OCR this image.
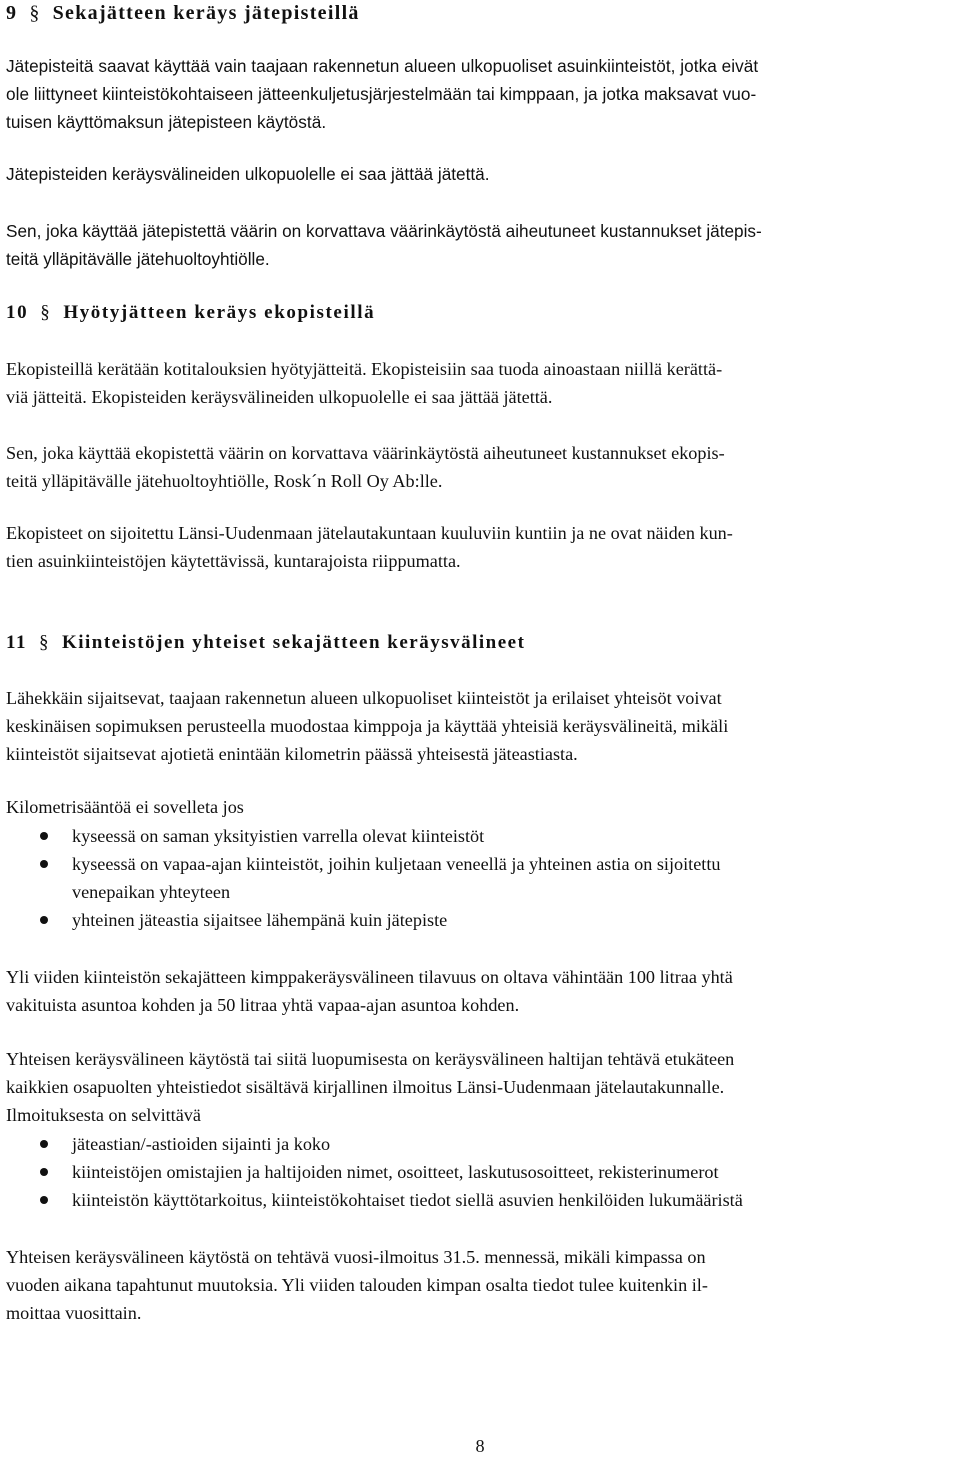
9 § Sekajätteen keräys jätepisteillä

Jätepisteitä saavat käyttää vain taajaan rakennetun alueen ulkopuoliset asuinkiinteistöt, jotka eivät
ole liittyneet kiinteistökohtaiseen jätteenkuljetusjärjestelmään tai kimppaan, ja jotka maksavat vuo-
tuisen käyttömaksun jätepisteen käytöstä.

Jätepisteiden keräysvälineiden ulkopuolelle ei saa jättää jätettä.

Sen, joka käyttää jätepistettä väärin on korvattava väärinkäytöstä aiheutuneet kustannukset jätepis-
teitä ylläpitävälle jätehuoltoyhtiölle.

10 § Hyötyjätteen keräys ekopisteillä

Ekopisteillä kerätään kotitalouksien hyötyjätteitä. Ekopisteisiin saa tuoda ainoastaan niillä kerättä-
viä jätteitä. Ekopisteiden keräysvälineiden ulkopuolelle ei saa jättää jätettä.

Sen, joka käyttää ekopistettä väärin on korvattava väärinkäytöstä aiheutuneet kustannukset ekopis-
teitä ylläpitävälle jätehuoltoyhtiölle, Rosk´n Roll Oy Ab:lle.

Ekopisteet on sijoitettu Länsi-Uudenmaan jätelautakuntaan kuuluviin kuntiin ja ne ovat näiden kun-
tien asuinkiinteistöjen käytettävissä, kuntarajoista riippumatta.

11 § Kiinteistöjen yhteiset sekajätteen keräysvälineet

Lähekkäin sijaitsevat, taajaan rakennetun alueen ulkopuoliset kiinteistöt ja erilaiset yhteisöt voivat
keskinäisen sopimuksen perusteella muodostaa kimppoja ja käyttää yhteisiä keräysvälineitä, mikäli
kiinteistöt sijaitsevat ajotietä enintään kilometrin päässä yhteisestä jäteastiasta.

Kilometrisääntöä ei sovelleta jos

kyseessä on saman yksityistien varrella olevat kiinteistöt
kyseessä on vapaa-ajan kiinteistöt, joihin kuljetaan veneellä ja yhteinen astia on sijoitettu
venepaikan yhteyteen
yhteinen jäteastia sijaitsee lähempänä kuin jätepiste

Yli viiden kiinteistön sekajätteen kimppakeräysvälineen tilavuus on oltava vähintään 100 litraa yhtä
vakituista asuntoa kohden ja 50 litraa yhtä vapaa-ajan asuntoa kohden.

Yhteisen keräysvälineen käytöstä tai siitä luopumisesta on keräysvälineen haltijan tehtävä etukäteen
kaikkien osapuolten yhteistiedot sisältävä kirjallinen ilmoitus Länsi-Uudenmaan jätelautakunnalle.
Ilmoituksesta on selvittävä

jäteastian/-astioiden sijainti ja koko
kiinteistöjen omistajien ja haltijoiden nimet, osoitteet, laskutusosoitteet, rekisterinumerot
kiinteistön käyttötarkoitus, kiinteistökohtaiset tiedot siellä asuvien henkilöiden lukumääristä

Yhteisen keräysvälineen käytöstä on tehtävä vuosi-ilmoitus 31.5. mennessä, mikäli kimpassa on
vuoden aikana tapahtunut muutoksia. Yli viiden talouden kimpan osalta tiedot tulee kuitenkin il-
moittaa vuosittain.

8
